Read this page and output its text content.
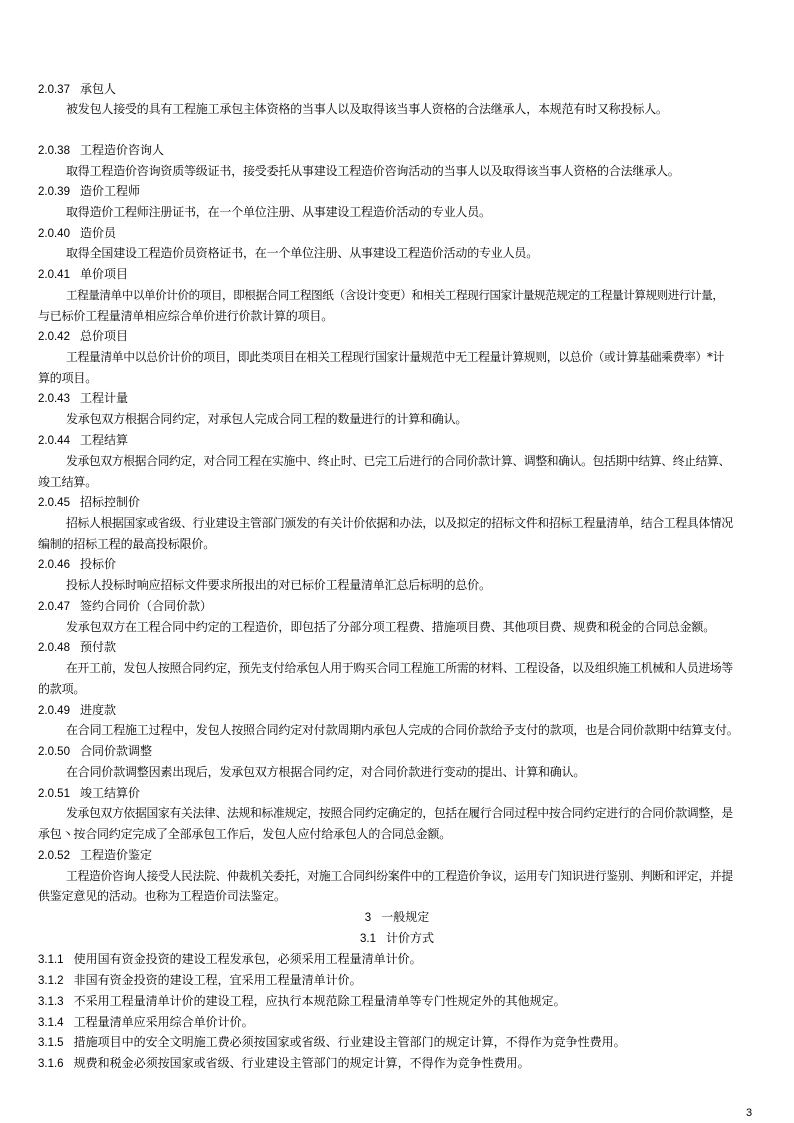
2.0.37 承包人
被发包人接受的具有工程施工承包主体资格的当事人以及取得该当事人资格的合法继承人，本规范有时又称投标人。
2.0.38 工程造价咨询人
取得工程造价咨询资质等级证书，接受委托从事建设工程造价咨询活动的当事人以及取得该当事人资格的合法继承人。
2.0.39 造价工程师
取得造价工程师注册证书，在一个单位注册、从事建设工程造价活动的专业人员。
2.0.40 造价员
取得全国建设工程造价员资格证书，在一个单位注册、从事建设工程造价活动的专业人员。
2.0.41 单价项目
工程量清单中以单价计价的项目，即根据合同工程图纸（含设计变更）和相关工程现行国家计量规范规定的工程量计算规则进行计量，
与已标价工程量清单相应综合单价进行价款计算的项目。
2.0.42 总价项目
工程量清单中以总价计价的项目，即此类项目在相关工程现行国家计量规范中无工程量计算规则，以总价（或计算基础乘费率）*计
算的项目。
2.0.43 工程计量
发承包双方根据合同约定，对承包人完成合同工程的数量进行的计算和确认。
2.0.44 工程结算
发承包双方根据合同约定，对合同工程在实施中、终止时、已完工后进行的合同价款计算、调整和确认。包括期中结算、终止结算、
竣工结算。
2.0.45 招标控制价
招标人根据国家或省级、行业建设主管部门颁发的有关计价依据和办法，以及拟定的招标文件和招标工程量清单，结合工程具体情况
编制的招标工程的最高投标限价。
2.0.46 投标价
投标人投标时响应招标文件要求所报出的对已标价工程量清单汇总后标明的总价。
2.0.47 签约合同价（合同价款）
发承包双方在工程合同中约定的工程造价，即包括了分部分项工程费、措施项目费、其他项目费、规费和税金的合同总金额。
2.0.48 预付款
在开工前，发包人按照合同约定，预先支付给承包人用于购买合同工程施工所需的材料、工程设备，以及组织施工机械和人员进场等
的款项。
2.0.49 进度款
在合同工程施工过程中，发包人按照合同约定对付款周期内承包人完成的合同价款给予支付的款项，也是合同价款期中结算支付。
2.0.50 合同价款调整
在合同价款调整因素出现后，发承包双方根据合同约定，对合同价款进行变动的提出、计算和确认。
2.0.51 竣工结算价
发承包双方依据国家有关法律、法规和标准规定，按照合同约定确定的，包括在履行合同过程中按合同约定进行的合同价款调整，是
承包丶按合同约定完成了全部承包工作后，发包人应付给承包人的合同总金额。
2.0.52 工程造价鉴定
工程造价咨询人接受人民法院、仲裁机关委托，对施工合同纠纷案件中的工程造价争议，运用专门知识进行鉴别、判断和评定，并提
供鉴定意见的活动。也称为工程造价司法鉴定。
3 一般规定
3.1 计价方式
3.1.1 使用国有资金投资的建设工程发承包，必须采用工程量清单计价。
3.1.2 非国有资金投资的建设工程，宜采用工程量清单计价。
3.1.3 不采用工程量清单计价的建设工程，应执行本规范除工程量清单等专门性规定外的其他规定。
3.1.4 工程量清单应采用综合单价计价。
3.1.5 措施项目中的安全文明施工费必须按国家或省级、行业建设主管部门的规定计算，不得作为竞争性费用。
3.1.6 规费和税金必须按国家或省级、行业建设主管部门的规定计算，不得作为竞争性费用。
3
